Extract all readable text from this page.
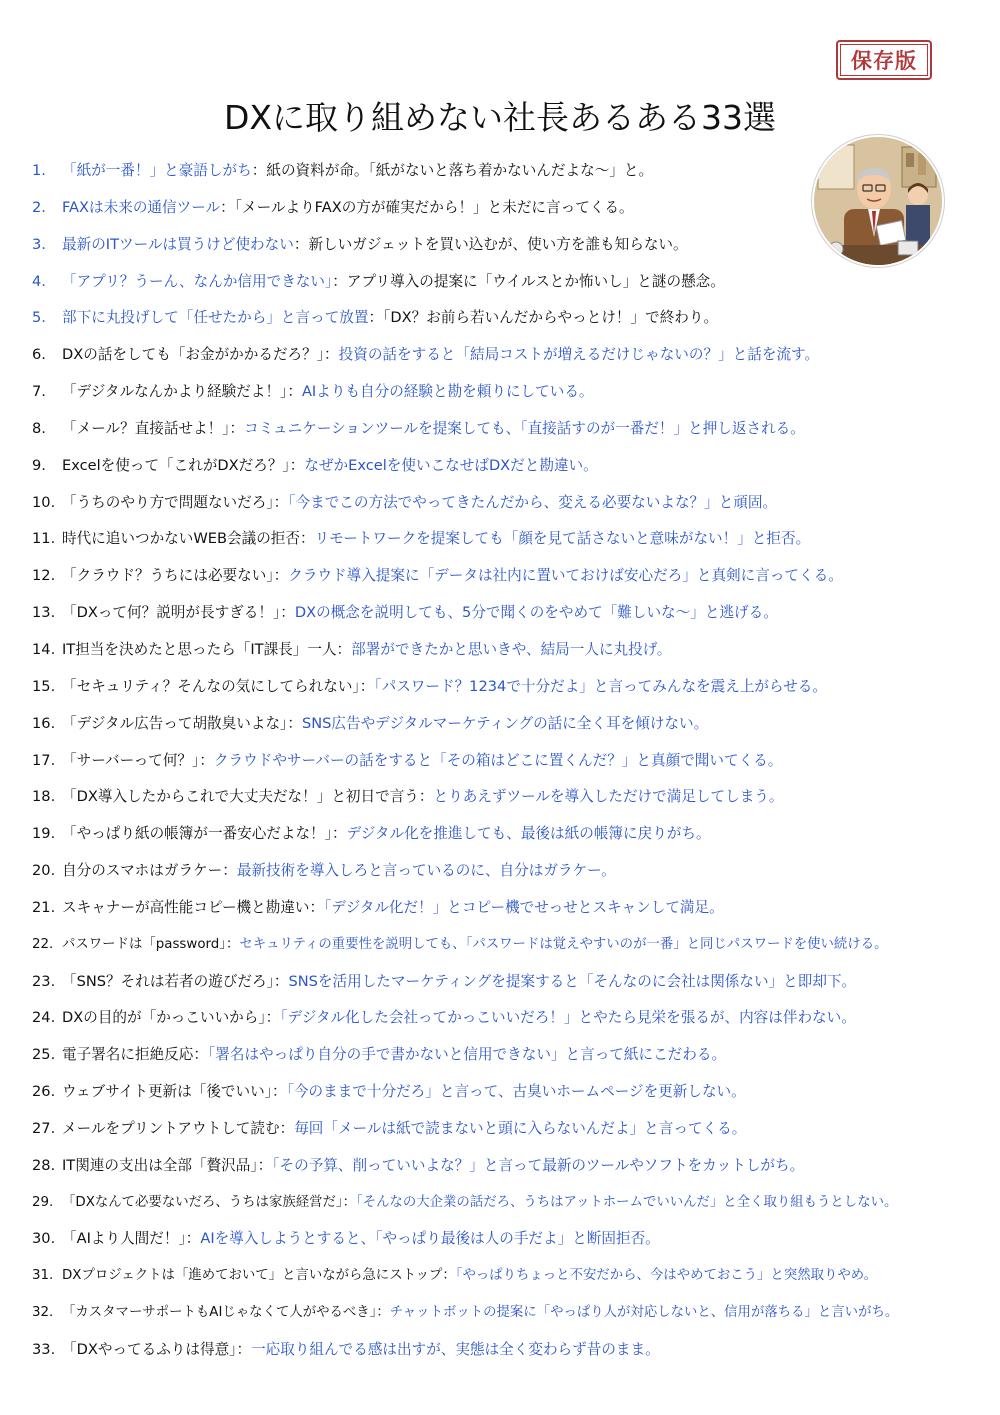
保存版
DXに取り組めない社長あるある33選
1. 「紙が一番！」と豪語しがち：紙の資料が命。「紙がないと落ち着かないんだよな〜」と。
2. FAXは未来の通信ツール：「メールよりFAXの方が確実だから！」と未だに言ってくる。
3. 最新のITツールは買うけど使わない：新しいガジェットを買い込むが、使い方を誰も知らない。
4. 「アプリ？うーん、なんか信用できない」：アプリ導入の提案に「ウイルスとか怖いし」と謎の懸念。
5. 部下に丸投げして「任せたから」と言って放置：「DX？お前ら若いんだからやっとけ！」で終わり。
6. DXの話をしても「お金がかかるだろ？」：投資の話をすると「結局コストが増えるだけじゃないの？」と話を流す。
7. 「デジタルなんかより経験だよ！」：AIよりも自分の経験と勘を頼りにしている。
8. 「メール？直接話せよ！」：コミュニケーションツールを提案しても、「直接話すのが一番だ！」と押し返される。
9. Excelを使って「これがDXだろ？」：なぜかExcelを使いこなせばDXだと勘違い。
10. 「うちのやり方で問題ないだろ」：「今までこの方法でやってきたんだから、変える必要ないよな？」と頑固。
11. 時代に追いつかないWEB会議の拒否：リモートワークを提案しても「顔を見て話さないと意味がない！」と拒否。
12. 「クラウド？うちには必要ない」：クラウド導入提案に「データは社内に置いておけば安心だろ」と真剣に言ってくる。
13. 「DXって何？説明が長すぎる！」：DXの概念を説明しても、5分で聞くのをやめて「難しいな〜」と逃げる。
14. IT担当を決めたと思ったら「IT課長」一人：部署ができたかと思いきや、結局一人に丸投げ。
15. 「セキュリティ？そんなの気にしてられない」：「パスワード？1234で十分だよ」と言ってみんなを震え上がらせる。
16. 「デジタル広告って胡散臭いよな」：SNS広告やデジタルマーケティングの話に全く耳を傾けない。
17. 「サーバーって何？」：クラウドやサーバーの話をすると「その箱はどこに置くんだ？」と真顔で聞いてくる。
18. 「DX導入したからこれで大丈夫だな！」と初日で言う：とりあえずツールを導入しただけで満足してしまう。
19. 「やっぱり紙の帳簿が一番安心だよな！」：デジタル化を推進しても、最後は紙の帳簿に戻りがち。
20. 自分のスマホはガラケー：最新技術を導入しろと言っているのに、自分はガラケー。
21. スキャナーが高性能コピー機と勘違い：「デジタル化だ！」とコピー機でせっせとスキャンして満足。
22. パスワードは「password」：セキュリティの重要性を説明しても、「パスワードは覚えやすいのが一番」と同じパスワードを使い続ける。
23. 「SNS？それは若者の遊びだろ」：SNSを活用したマーケティングを提案すると「そんなのに会社は関係ない」と即却下。
24. DXの目的が「かっこいいから」：「デジタル化した会社ってかっこいいだろ！」とやたら見栄を張るが、内容は伴わない。
25. 電子署名に拒絶反応：「署名はやっぱり自分の手で書かないと信用できない」と言って紙にこだわる。
26. ウェブサイト更新は「後でいい」：「今のままで十分だろ」と言って、古臭いホームページを更新しない。
27. メールをプリントアウトして読む：毎回「メールは紙で読まないと頭に入らないんだよ」と言ってくる。
28. IT関連の支出は全部「贅沢品」：「その予算、削っていいよな？」と言って最新のツールやソフトをカットしがち。
29. 「DXなんて必要ないだろ、うちは家族経営だ」：「そんなの大企業の話だろ、うちはアットホームでいいんだ」と全く取り組もうとしない。
30. 「AIより人間だ！」：AIを導入しようとすると、「やっぱり最後は人の手だよ」と断固拒否。
31. DXプロジェクトは「進めておいて」と言いながら急にストップ：「やっぱりちょっと不安だから、今はやめておこう」と突然取りやめ。
32. 「カスタマーサポートもAIじゃなくて人がやるべき」：チャットボットの提案に「やっぱり人が対応しないと、信用が落ちる」と言いがち。
33. 「DXやってるふりは得意」：一応取り組んでる感は出すが、実態は全く変わらず昔のまま。
